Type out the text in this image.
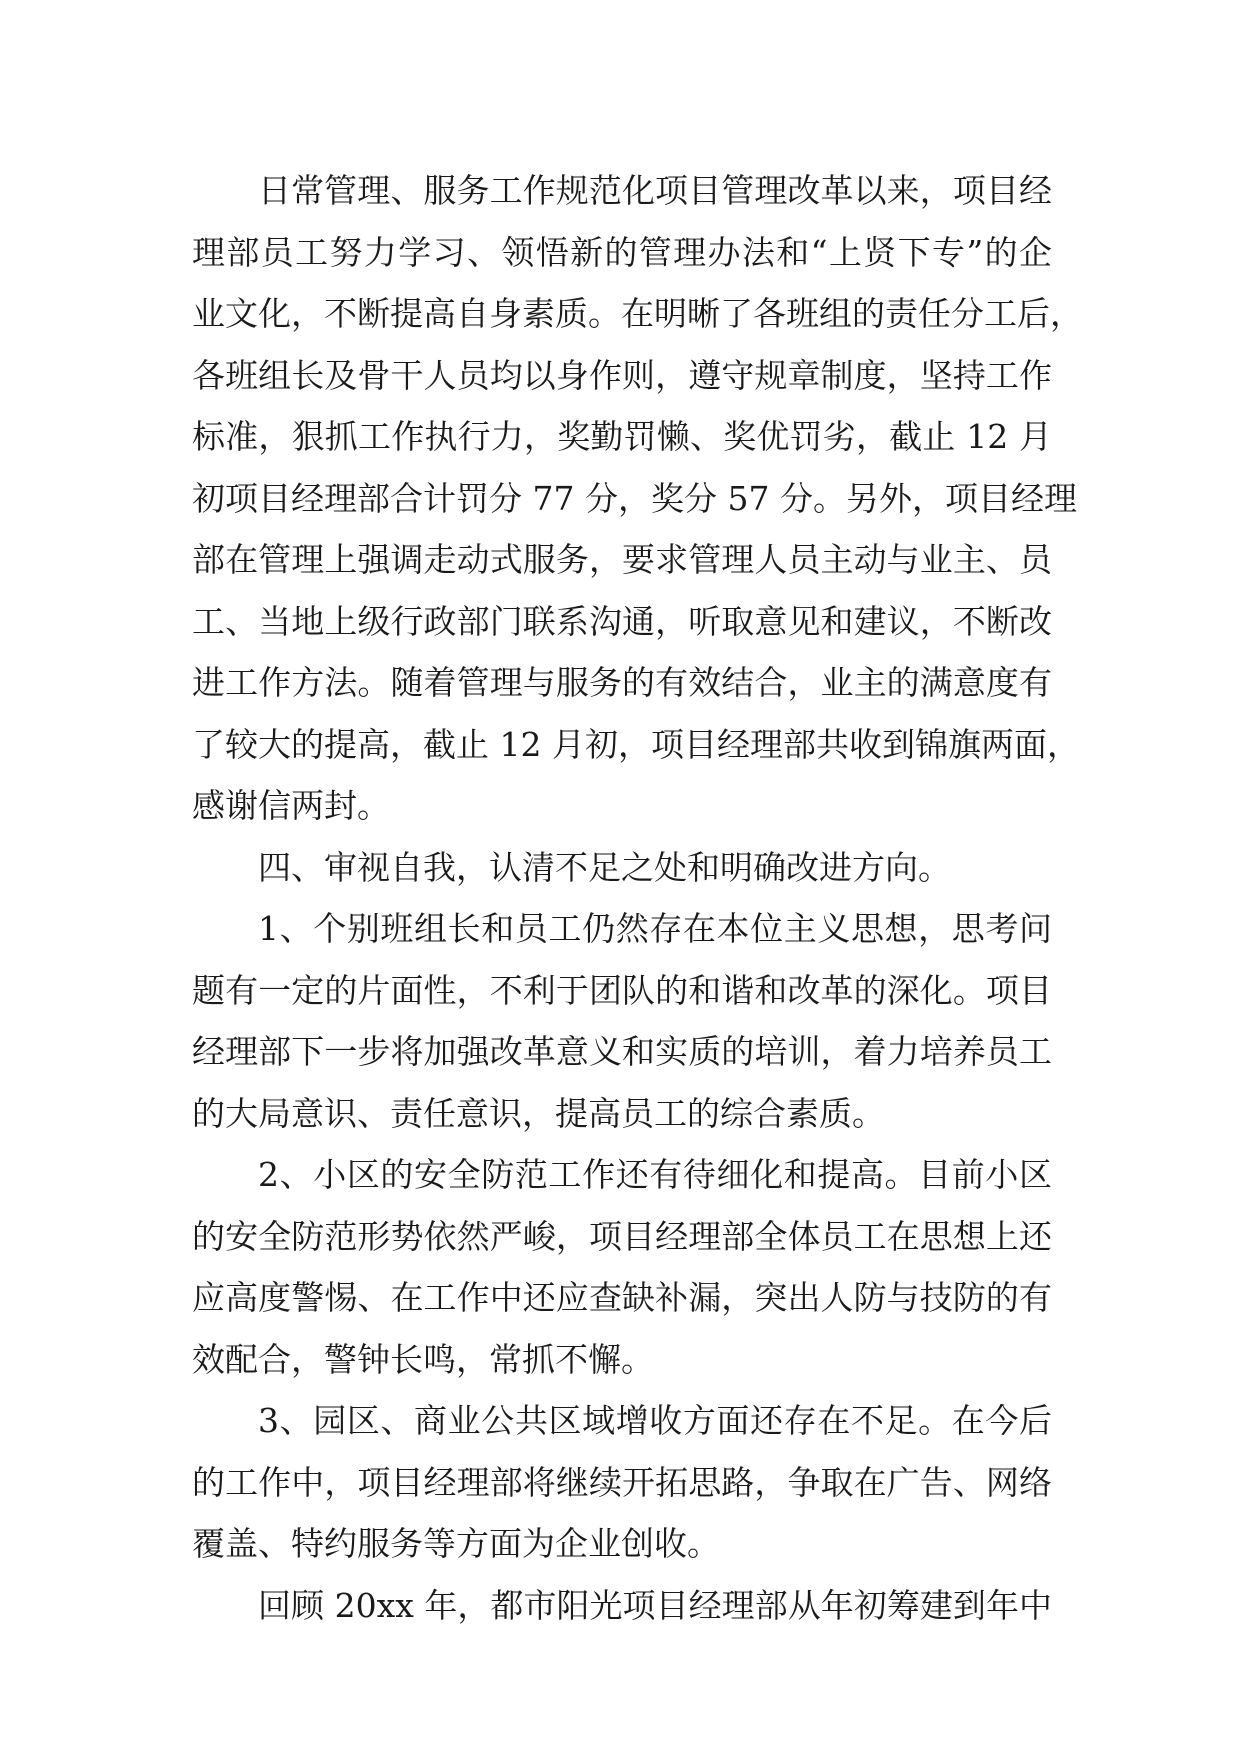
日常管理、服务工作规范化项目管理改革以来，项目经
理部员工努力学习、领悟新的管理办法和“上贤下专”的企
业文化，不断提高自身素质。在明晰了各班组的责任分工后，
各班组长及骨干人员均以身作则，遵守规章制度，坚持工作
标准，狠抓工作执行力，奖勤罚懒、奖优罚劣，截止 12 月
初项目经理部合计罚分 77 分，奖分 57 分。另外，项目经理
部在管理上强调走动式服务，要求管理人员主动与业主、员
工、当地上级行政部门联系沟通，听取意见和建议，不断改
进工作方法。随着管理与服务的有效结合，业主的满意度有
了较大的提高，截止 12 月初，项目经理部共收到锦旗两面，
感谢信两封。
四、审视自我，认清不足之处和明确改进方向。
1、个别班组长和员工仍然存在本位主义思想，思考问
题有一定的片面性，不利于团队的和谐和改革的深化。项目
经理部下一步将加强改革意义和实质的培训，着力培养员工
的大局意识、责任意识，提高员工的综合素质。
2、小区的安全防范工作还有待细化和提高。目前小区
的安全防范形势依然严峻，项目经理部全体员工在思想上还
应高度警惕、在工作中还应查缺补漏，突出人防与技防的有
效配合，警钟长鸣，常抓不懈。
3、园区、商业公共区域增收方面还存在不足。在今后
的工作中，项目经理部将继续开拓思路，争取在广告、网络
覆盖、特约服务等方面为企业创收。
回顾 20xx 年，都市阳光项目经理部从年初筹建到年中
